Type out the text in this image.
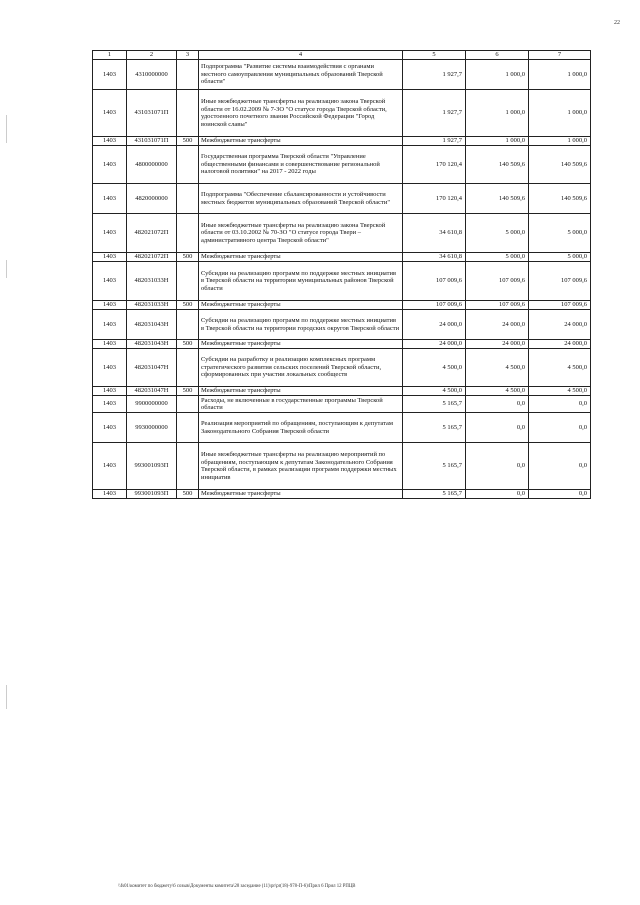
22
1	2	3	4	5	6	7
1403	4310000000		Подпрограмма "Развитие системы взаимодействия с органами местного самоуправления муниципальных образований Тверской области"	1 927,7	1 000,0	1 000,0
1403	431031071П		Иные межбюджетные трансферты на реализацию закона Тверской области от 16.02.2009 № 7-ЗО "О статусе города Тверской области, удостоенного почетного звания Российской Федерации "Город воинской славы"	1 927,7	1 000,0	1 000,0
1403	431031071П	500	Межбюджетные трансферты	1 927,7	1 000,0	1 000,0
1403	4800000000		Государственная программа Тверской области "Управление общественными финансами и совершенствование региональной налоговой политики" на 2017 - 2022 годы	170 120,4	140 509,6	140 509,6
1403	4820000000		Подпрограмма "Обеспечение сбалансированности и устойчивости местных бюджетов муниципальных образований Тверской области"	170 120,4	140 509,6	140 509,6
1403	482021072П		Иные межбюджетные трансферты на реализацию закона Тверской области от 03.10.2002 № 70-ЗО "О статусе города Твери – административного центра Тверской области"	34 610,8	5 000,0	5 000,0
1403	482021072П	500	Межбюджетные трансферты	34 610,8	5 000,0	5 000,0
1403	482031033Н		Субсидии на реализацию программ по поддержке местных инициатив в Тверской области на территории муниципальных районов Тверской области	107 009,6	107 009,6	107 009,6
1403	482031033Н	500	Межбюджетные трансферты	107 009,6	107 009,6	107 009,6
1403	482031043Н		Субсидии на реализацию программ по поддержке местных инициатив в Тверской области на территории городских округов Тверской области	24 000,0	24 000,0	24 000,0
1403	482031043Н	500	Межбюджетные трансферты	24 000,0	24 000,0	24 000,0
1403	482031047Н		Субсидии на разработку и реализацию комплексных программ стратегического развития сельских поселений Тверской области, сформированных при участии локальных сообществ	4 500,0	4 500,0	4 500,0
1403	482031047Н	500	Межбюджетные трансферты	4 500,0	4 500,0	4 500,0
1403	9900000000		Расходы, не включенные в государственные программы Тверской области	5 165,7	0,0	0,0
1403	9930000000		Реализация мероприятий по обращениям, поступающим к депутатам Законодательного Собрания Тверской области	5 165,7	0,0	0,0
1403	993001093П		Иные межбюджетные трансферты на реализацию мероприятий по обращениям, поступающим к депутатам Законодательного Собрания Тверской области, в рамках реализации программ поддержки местных инициатив	5 165,7	0,0	0,0
1403	993001093П	500	Межбюджетные трансферты	5 165,7	0,0	0,0
\\fs01\комитет по бюджету\6 созыв\Документы комитета\28 заседание (11)\pr\pr(18)-978-П-6)\Прил 6 Прил 12 РПЦВ
